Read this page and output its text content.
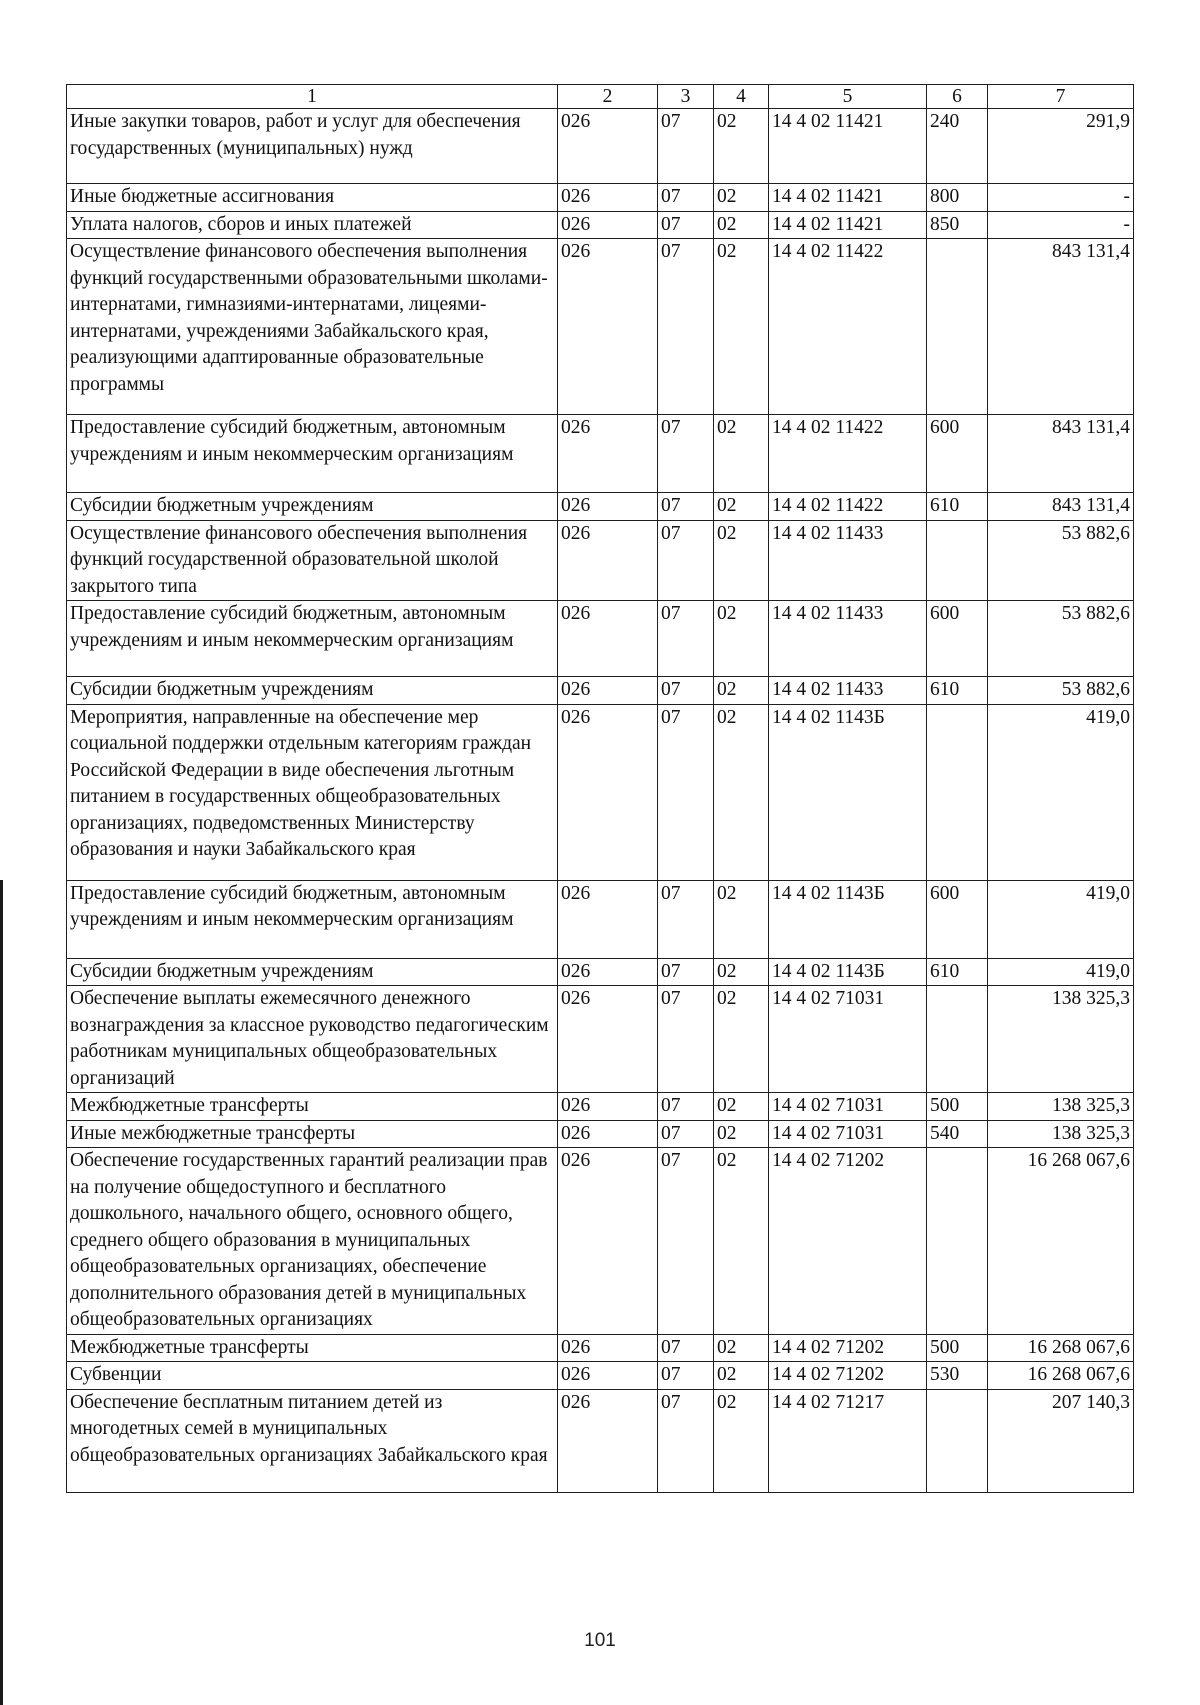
1	2	3	4	5	6	7
Иные закупки товаров, работ и услуг для обеспечения государственных (муниципальных) нужд	026	07	02	14 4 02 11421	240	291,9
Иные бюджетные ассигнования	026	07	02	14 4 02 11421	800	-
Уплата налогов, сборов и иных платежей	026	07	02	14 4 02 11421	850	-
Осуществление финансового обеспечения выполнения функций государственными образовательными школами-интернатами, гимназиями-интернатами, лицеями-интернатами, учреждениями Забайкальского края, реализующими адаптированные образовательные программы	026	07	02	14 4 02 11422		843 131,4
Предоставление субсидий бюджетным, автономным учреждениям и иным некоммерческим организациям	026	07	02	14 4 02 11422	600	843 131,4
Субсидии бюджетным учреждениям	026	07	02	14 4 02 11422	610	843 131,4
Осуществление финансового обеспечения выполнения функций государственной образовательной школой закрытого типа	026	07	02	14 4 02 11433		53 882,6
Предоставление субсидий бюджетным, автономным учреждениям и иным некоммерческим организациям	026	07	02	14 4 02 11433	600	53 882,6
Субсидии бюджетным учреждениям	026	07	02	14 4 02 11433	610	53 882,6
Мероприятия, направленные на обеспечение мер социальной поддержки отдельным категориям граждан Российской Федерации в виде обеспечения льготным питанием в государственных общеобразовательных организациях, подведомственных Министерству образования и науки Забайкальского края	026	07	02	14 4 02 1143Б		419,0
Предоставление субсидий бюджетным, автономным учреждениям и иным некоммерческим организациям	026	07	02	14 4 02 1143Б	600	419,0
Субсидии бюджетным учреждениям	026	07	02	14 4 02 1143Б	610	419,0
Обеспечение выплаты ежемесячного денежного вознаграждения за классное руководство педагогическим работникам муниципальных общеобразовательных организаций	026	07	02	14 4 02 71031		138 325,3
Межбюджетные трансферты	026	07	02	14 4 02 71031	500	138 325,3
Иные межбюджетные трансферты	026	07	02	14 4 02 71031	540	138 325,3
Обеспечение государственных гарантий реализации прав на получение общедоступного и бесплатного дошкольного, начального общего, основного общего, среднего общего образования в муниципальных общеобразовательных организациях, обеспечение дополнительного образования детей в муниципальных общеобразовательных организациях	026	07	02	14 4 02 71202		16 268 067,6
Межбюджетные трансферты	026	07	02	14 4 02 71202	500	16 268 067,6
Субвенции	026	07	02	14 4 02 71202	530	16 268 067,6
Обеспечение бесплатным питанием детей из многодетных семей в муниципальных общеобразовательных организациях Забайкальского края	026	07	02	14 4 02 71217		207 140,3
101
